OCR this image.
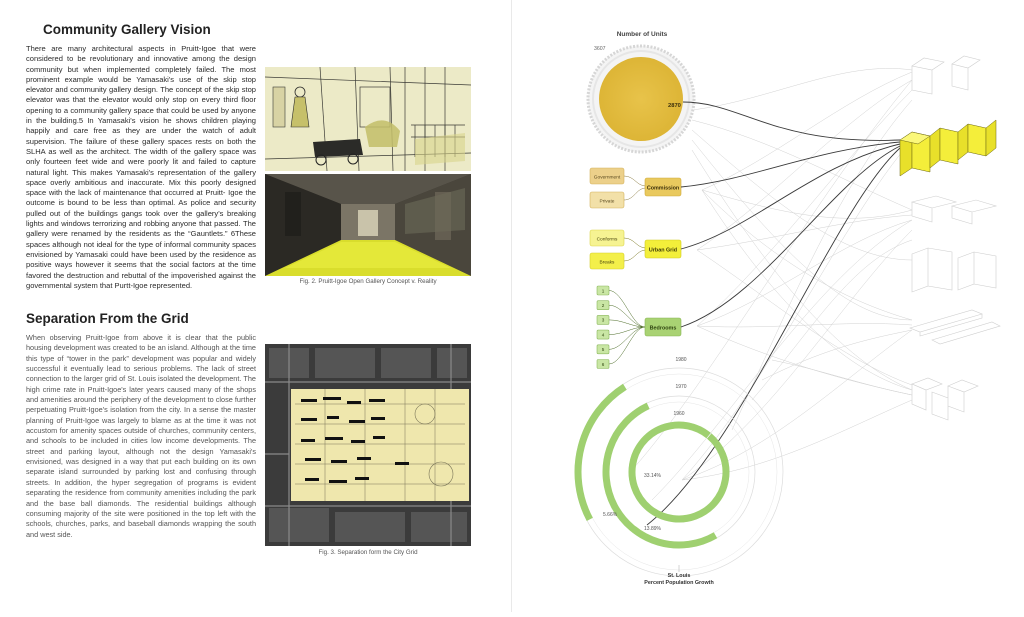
Community Gallery Vision

There are many architectural aspects in Pruitt-Igoe that were considered to be revolutionary and innovative among the design community but when implemented completely failed. The most prominent example would be Yamasaki's use of the skip stop elevator and community gallery design. The concept of the skip stop elevator was that the elevator would only stop on every third floor opening to a community gallery space that could be used by anyone in the building.5 In Yamasaki's vision he shows children playing happily and care free as they are under the watch of adult supervision. The failure of these gallery spaces rests on both the SLHA as well as the architect. The width of the gallery space was only fourteen feet wide and were poorly lit and failed to capture natural light. This makes Yamasaki's representation of the gallery space overly ambitious and inaccurate. Mix this poorly designed space with the lack of maintenance that occurred at Pruitt- Igoe the outcome is bound to be less than optimal. As police and security pulled out of the buildings gangs took over the gallery's breaking lights and windows terrorizing and robbing anyone that passed. The gallery were renamed by the residents as the “Gauntlets.” 6These spaces although not ideal for the type of informal community spaces envisioned by Yamasaki could have been used by the residence as positive ways however it seems that the social factors at the time favored the destruction and rebuttal of the impoverished against the governmental system that Purtt-Igoe represented.	Fig. 2. Pruitt-Igoe Open Gallery Concept v. Reality
Separation From the Grid

When observing Pruitt-Igoe from above it is clear that the public housing development was created to be an island. Although at the time this type of “tower in the park” development was popular and widely successful it eventually lead to serious problems. The lack of street connection to the larger grid of St. Louis isolated the development. The high crime rate in Pruitt-Igoe's later years caused many of the shops and amenities around the periphery of the development to close further perpetuating Pruitt-Igoe's isolation from the city. In a sense the master planning of Pruitt-Igoe was largely to blame as at the time it was not accustom for amenity spaces outside of churches, community centers, and schools to be included in cities low income developments. The street and parking layout, although not the design Yamasaki's envisioned, was designed in a way that put each building on its own separate island surrounded by parking lost and confusing through streets. In addition, the hyper segregation of programs is evident separating the residence from community amenities including the park and the base ball diamonds. The residential buildings although consuming majority of the site were positioned in the top left with the schools, churches, parks, and baseball diamonds wrapping the south and west side.

Fig. 3. Separation form the City Grid
Number of Units
3607
2870
Government
Private
Commission
Conforms
Breaks
Urban Grid
1
2
3
4
5
6
Bedrooms
1960
1970
1980
33.14%
13.89%
5.66%
St. Louis
Percent Population Growth
